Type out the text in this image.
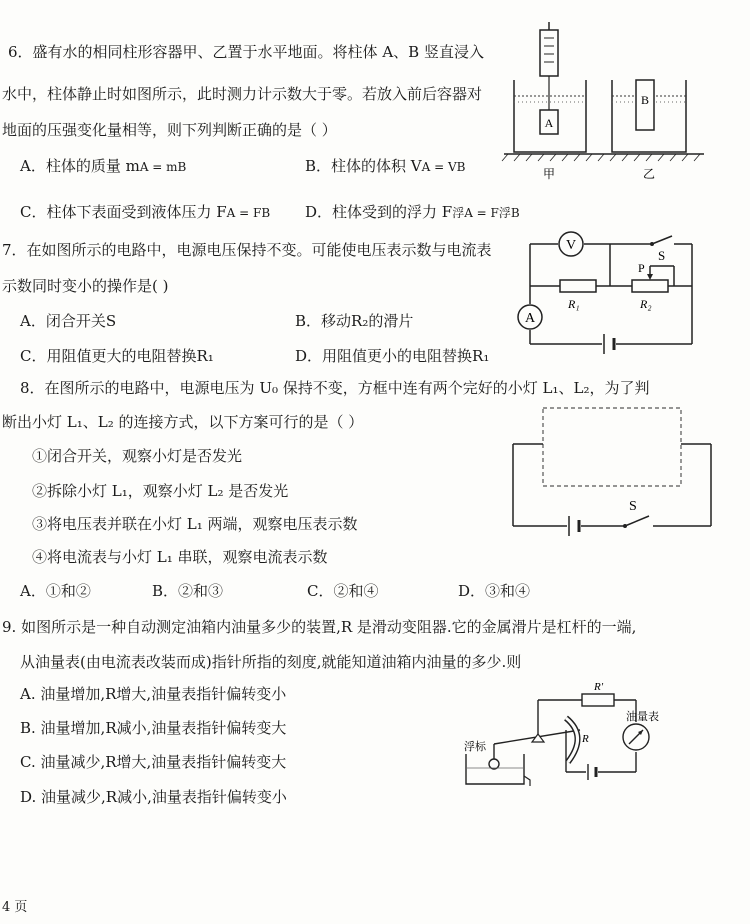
6．盛有水的相同柱形容器甲、乙置于水平地面。将柱体 A、B 竖直浸入
水中，柱体静止时如图所示，此时测力计示数大于零。若放入前后容器对
地面的压强变化量相等，则下列判断正确的是（ ）
A．柱体的质量 mA = mB	B．柱体的体积 VA = VB
C．柱体下表面受到液体压力 FA = FB D．柱体受到的浮力 F浮A = F浮B
A
B
甲	乙
7．在如图所示的电路中，电源电压保持不变。可能使电压表示数与电流表
示数同时变小的操作是( )
A．闭合开关S	B．移动R₂的滑片
C．用阻值更大的电阻替换R₁	D．用阻值更小的电阻替换R₁
V
S
P
R₁	R₂
A
8．在图所示的电路中，电源电压为 U₀ 保持不变，方框中连有两个完好的小灯 L₁、L₂，为了判
断出小灯 L₁、L₂ 的连接方式，以下方案可行的是（ ）
①闭合开关，观察小灯是否发光
②拆除小灯 L₁，观察小灯 L₂ 是否发光
③将电压表并联在小灯 L₁ 两端，观察电压表示数
④将电流表与小灯 L₁ 串联，观察电流表示数
A．①和②	B．②和③	C．②和④	D．③和④
S
9. 如图所示是一种自动测定油箱内油量多少的装置,R 是滑动变阻器.它的金属滑片是杠杆的一端,
从油量表(由电流表改装而成)指针所指的刻度,就能知道油箱内油量的多少.则
A. 油量增加,R增大,油量表指针偏转变小
B. 油量增加,R减小,油量表指针偏转变大
C. 油量减少,R增大,油量表指针偏转变大
D. 油量减少,R减小,油量表指针偏转变小
R'
油量表
R
浮标
4 页
